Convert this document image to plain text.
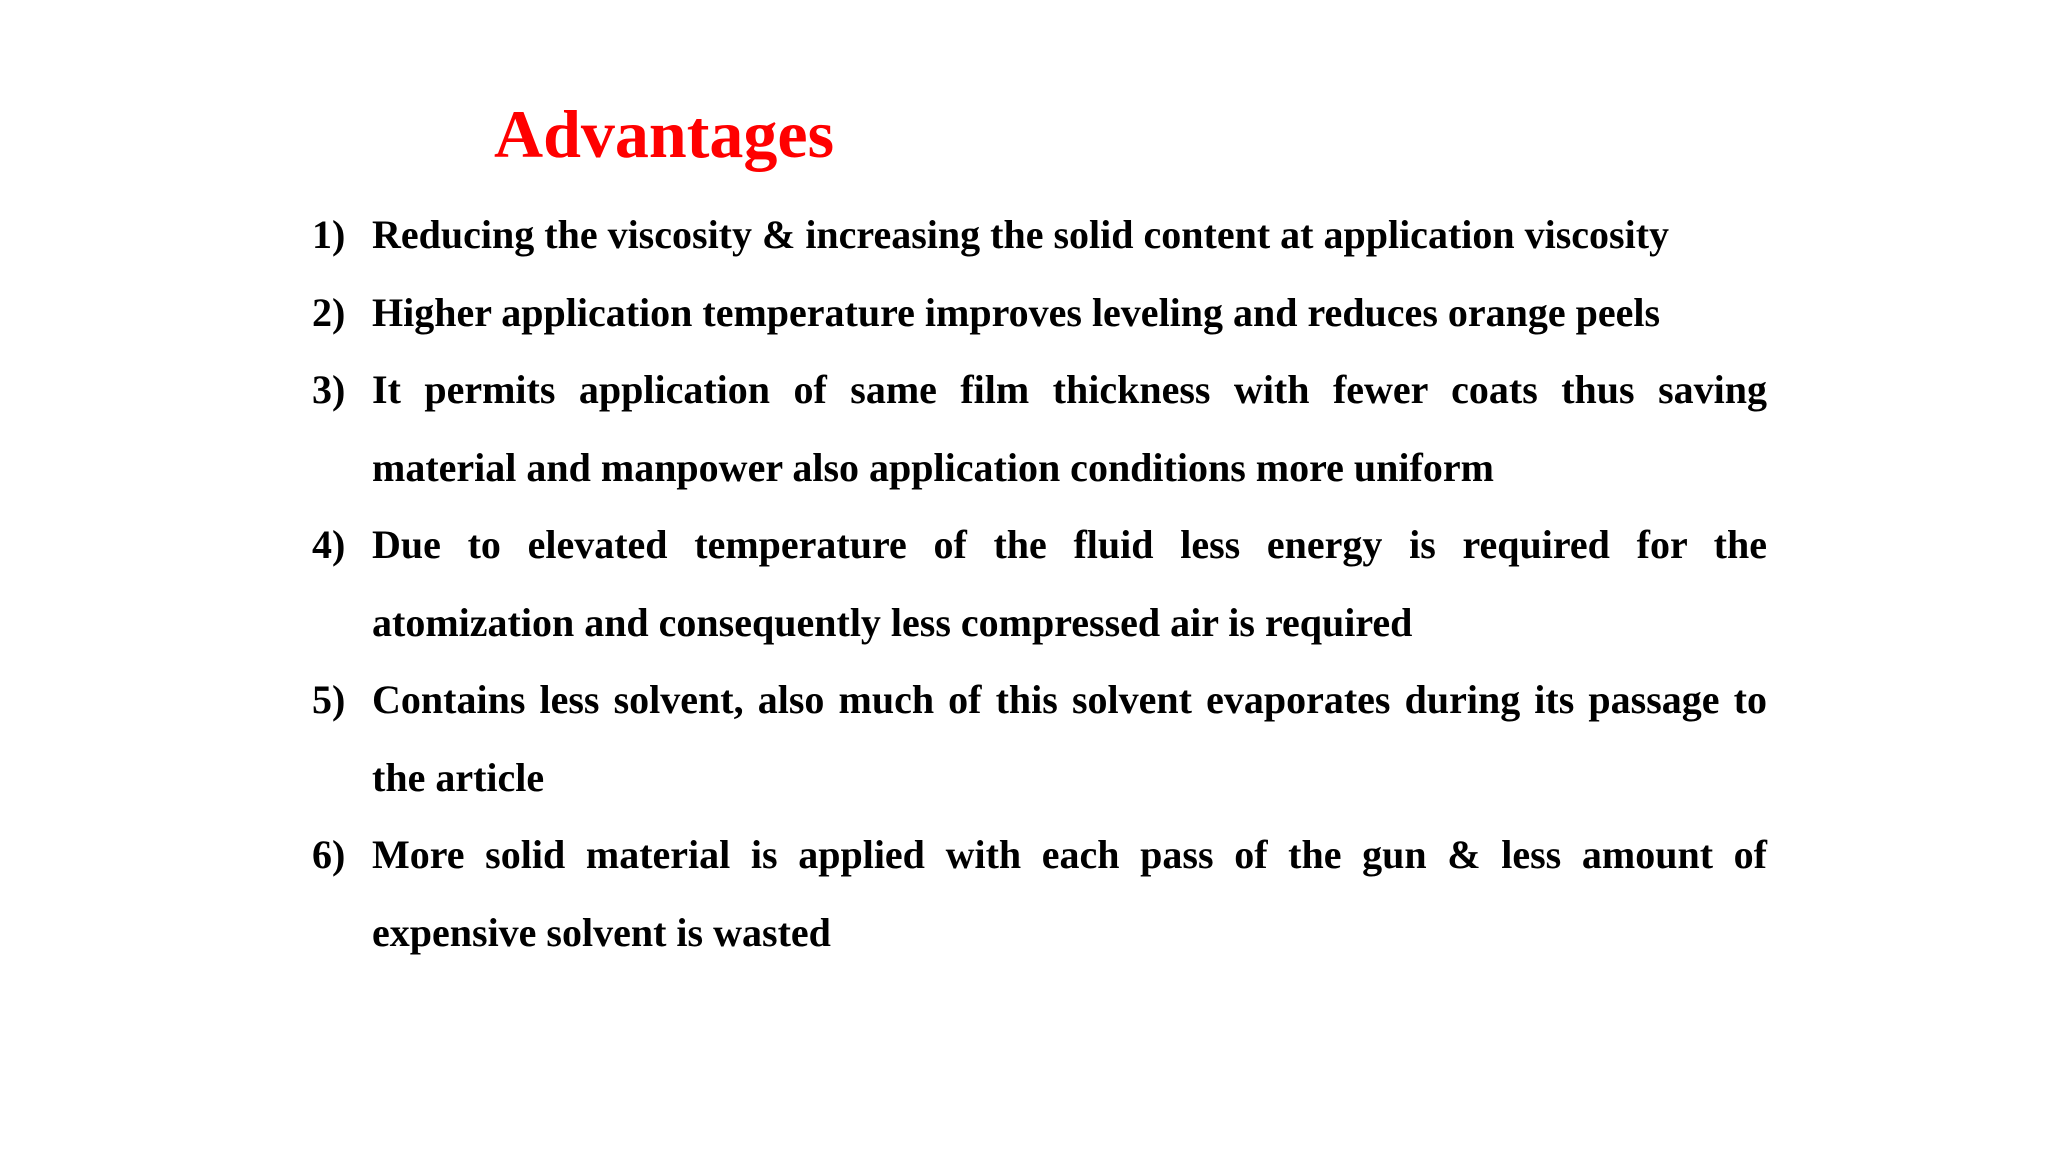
Advantages
1) Reducing the viscosity & increasing the solid content at application viscosity
2) Higher application temperature improves leveling and reduces orange peels
3) It permits application of same film thickness with fewer coats thus saving material and manpower also application conditions more uniform
4) Due to elevated temperature of the fluid less energy is required for the atomization and consequently less compressed air is required
5) Contains less solvent, also much of this solvent evaporates during its passage to the article
6) More solid material is applied with each pass of the gun & less amount of expensive solvent is wasted
